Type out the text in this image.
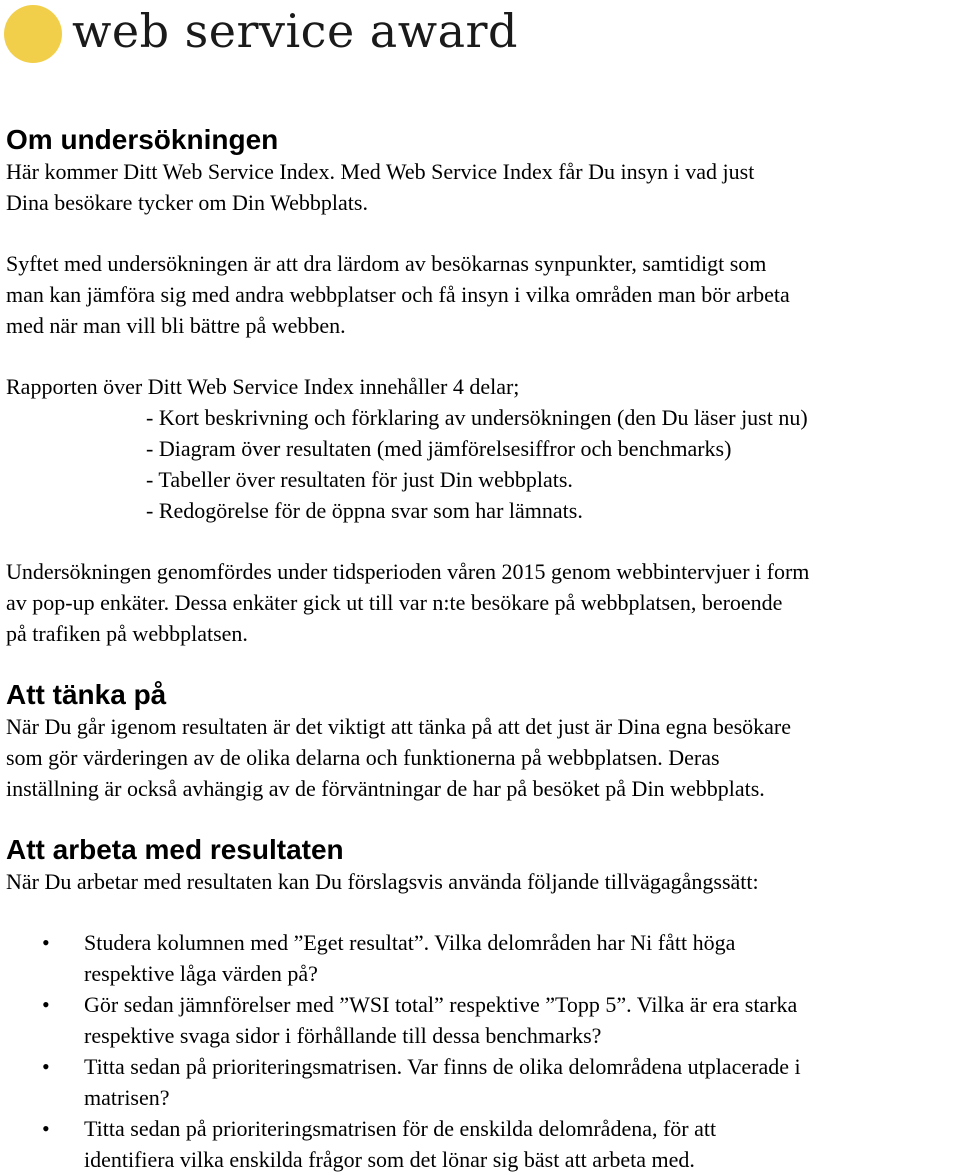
web service award
Om undersökningen

Här kommer Ditt Web Service Index. Med Web Service Index får Du insyn i vad just

Dina besökare tycker om Din Webbplats.

Syftet med undersökningen är att dra lärdom av besökarnas synpunkter, samtidigt som

man kan jämföra sig med andra webbplatser och få insyn i vilka områden man bör arbeta

med när man vill bli bättre på webben.

Rapporten över Ditt Web Service Index innehåller 4 delar;

- Kort beskrivning och förklaring av undersökningen (den Du läser just nu)

- Diagram över resultaten (med jämförelsesiffror och benchmarks)

- Tabeller över resultaten för just Din webbplats.

- Redogörelse för de öppna svar som har lämnats.

Undersökningen genomfördes under tidsperioden våren 2015 genom webbintervjuer i form

av pop-up enkäter. Dessa enkäter gick ut till var n:te besökare på webbplatsen, beroende

på trafiken på webbplatsen.

Att tänka på

När Du går igenom resultaten är det viktigt att tänka på att det just är Dina egna besökare

som gör värderingen av de olika delarna och funktionerna på webbplatsen. Deras

inställning är också avhängig av de förväntningar de har på besöket på Din webbplats.

Att arbeta med resultaten

När Du arbetar med resultaten kan Du förslagsvis använda följande tillvägagångssätt:

• Studera kolumnen med ”Eget resultat”. Vilka delområden har Ni fått höga
respektive låga värden på?
• Gör sedan jämnförelser med ”WSI total” respektive ”Topp 5”. Vilka är era starka
respektive svaga sidor i förhållande till dessa benchmarks?
• Titta sedan på prioriteringsmatrisen. Var finns de olika delområdena utplacerade i
matrisen?
• Titta sedan på prioriteringsmatrisen för de enskilda delområdena, för att
identifiera vilka enskilda frågor som det lönar sig bäst att arbeta med.
